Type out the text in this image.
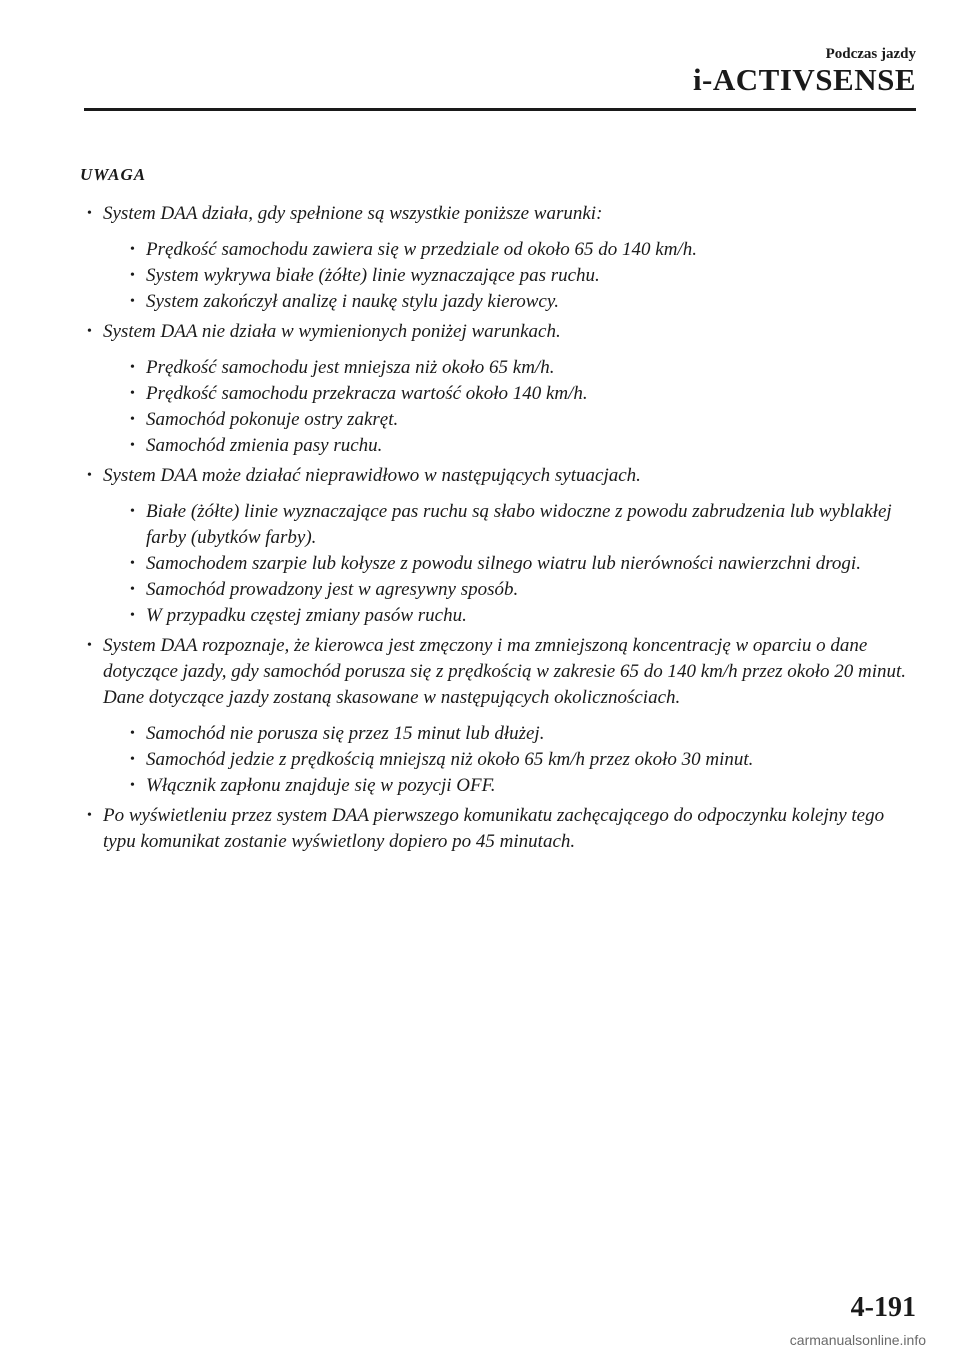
Podczas jazdy
i-ACTIVSENSE
UWAGA
• System DAA działa, gdy spełnione są wszystkie poniższe warunki:
• Prędkość samochodu zawiera się w przedziale od około 65 do 140 km/h.
• System wykrywa białe (żółte) linie wyznaczające pas ruchu.
• System zakończył analizę i naukę stylu jazdy kierowcy.
• System DAA nie działa w wymienionych poniżej warunkach.
• Prędkość samochodu jest mniejsza niż około 65 km/h.
• Prędkość samochodu przekracza wartość około 140 km/h.
• Samochód pokonuje ostry zakręt.
• Samochód zmienia pasy ruchu.
• System DAA może działać nieprawidłowo w następujących sytuacjach.
• Białe (żółte) linie wyznaczające pas ruchu są słabo widoczne z powodu zabrudzenia lub wyblakłej farby (ubytków farby).
• Samochodem szarpie lub kołysze z powodu silnego wiatru lub nierówności nawierzchni drogi.
• Samochód prowadzony jest w agresywny sposób.
• W przypadku częstej zmiany pasów ruchu.
• System DAA rozpoznaje, że kierowca jest zmęczony i ma zmniejszoną koncentrację w oparciu o dane dotyczące jazdy, gdy samochód porusza się z prędkością w zakresie 65 do 140 km/h przez około 20 minut. Dane dotyczące jazdy zostaną skasowane w następujących okolicznościach.
• Samochód nie porusza się przez 15 minut lub dłużej.
• Samochód jedzie z prędkością mniejszą niż około 65 km/h przez około 30 minut.
• Włącznik zapłonu znajduje się w pozycji OFF.
• Po wyświetleniu przez system DAA pierwszego komunikatu zachęcającego do odpoczynku kolejny tego typu komunikat zostanie wyświetlony dopiero po 45 minutach.
4-191
carmanualsonline.info
